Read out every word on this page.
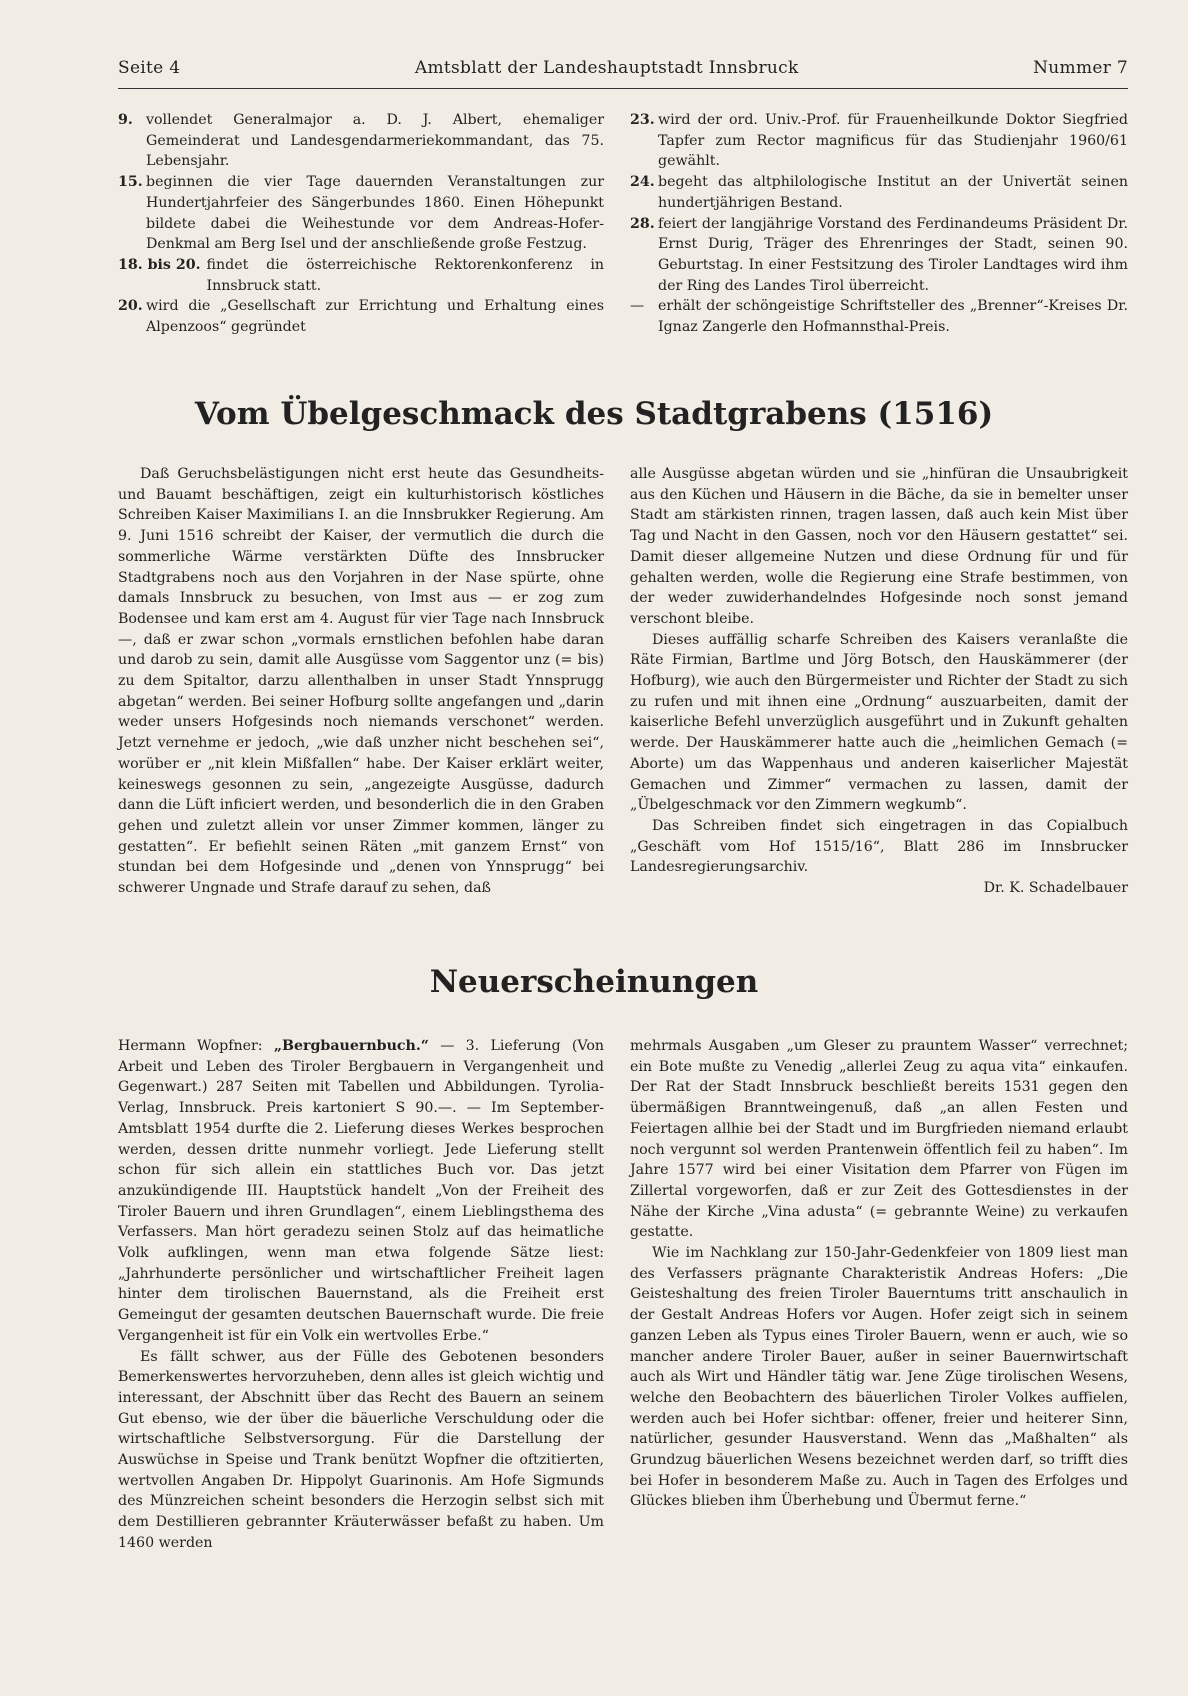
Seite 4	Amtsblatt der Landeshauptstadt Innsbruck	Nummer 7
9. vollendet Generalmajor a. D. J. Albert, ehemaliger Gemeinderat und Landesgendarmeriekommandant, das 75. Lebensjahr.
15. beginnen die vier Tage dauernden Veranstaltungen zur Hundertjahrfeier des Sängerbundes 1860. Einen Höhepunkt bildete dabei die Weihestunde vor dem Andreas-Hofer-Denkmal am Berg Isel und der anschließende große Festzug.
18. bis 20. findet die österreichische Rektorenkonferenz in Innsbruck statt.
20. wird die „Gesellschaft zur Errichtung und Erhaltung eines Alpenzoos“ gegründet
23. wird der ord. Univ.-Prof. für Frauenheilkunde Doktor Siegfried Tapfer zum Rector magnificus für das Studienjahr 1960/61 gewählt.
24. begeht das altphilologische Institut an der Univertät seinen hundertjährigen Bestand.
28. feiert der langjährige Vorstand des Ferdinandeums Präsident Dr. Ernst Durig, Träger des Ehrenringes der Stadt, seinen 90. Geburtstag. In einer Festsitzung des Tiroler Landtages wird ihm der Ring des Landes Tirol überreicht.
— erhält der schöngeistige Schriftsteller des „Brenner“-Kreises Dr. Ignaz Zangerle den Hofmannsthal-Preis.
Vom Übelgeschmack des Stadtgrabens (1516)

Daß Geruchsbelästigungen nicht erst heute das Gesundheits- und Bauamt beschäftigen, zeigt ein kulturhistorisch köstliches Schreiben Kaiser Maximilians I. an die Innsbrukker Regierung. Am 9. Juni 1516 schreibt der Kaiser, der vermutlich die durch die sommerliche Wärme verstärkten Düfte des Innsbrucker Stadtgrabens noch aus den Vorjahren in der Nase spürte, ohne damals Innsbruck zu besuchen, von Imst aus — er zog zum Bodensee und kam erst am 4. August für vier Tage nach Innsbruck —, daß er zwar schon „vormals ernstlichen befohlen habe daran und darob zu sein, damit alle Ausgüsse vom Saggentor unz (= bis) zu dem Spitaltor, darzu allenthalben in unser Stadt Ynnsprugg abgetan“ werden. Bei seiner Hofburg sollte angefangen und „darin weder unsers Hofgesinds noch niemands verschonet“ werden. Jetzt vernehme er jedoch, „wie daß unzher nicht beschehen sei“, worüber er „nit klein Mißfallen“ habe. Der Kaiser erklärt weiter, keineswegs gesonnen zu sein, „angezeigte Ausgüsse, dadurch dann die Lüft inficiert werden, und besonderlich die in den Graben gehen und zuletzt allein vor unser Zimmer kommen, länger zu gestatten“. Er befiehlt seinen Räten „mit ganzem Ernst“ von stundan bei dem Hofgesinde und „denen von Ynnsprugg“ bei schwerer Ungnade und Strafe darauf zu sehen, daß

alle Ausgüsse abgetan würden und sie „hinfüran die Unsaubrigkeit aus den Küchen und Häusern in die Bäche, da sie in bemelter unser Stadt am stärkisten rinnen, tragen lassen, daß auch kein Mist über Tag und Nacht in den Gassen, noch vor den Häusern gestattet“ sei. Damit dieser allgemeine Nutzen und diese Ordnung für und für gehalten werden, wolle die Regierung eine Strafe bestimmen, von der weder zuwiderhandelndes Hofgesinde noch sonst jemand verschont bleibe.

Dieses auffällig scharfe Schreiben des Kaisers veranlaßte die Räte Firmian, Bartlme und Jörg Botsch, den Hauskämmerer (der Hofburg), wie auch den Bürgermeister und Richter der Stadt zu sich zu rufen und mit ihnen eine „Ordnung“ auszuarbeiten, damit der kaiserliche Befehl unverzüglich ausgeführt und in Zukunft gehalten werde. Der Hauskämmerer hatte auch die „heimlichen Gemach (= Aborte) um das Wappenhaus und anderen kaiserlicher Majestät Gemachen und Zimmer“ vermachen zu lassen, damit der „Übelgeschmack vor den Zimmern wegkumb“.

Das Schreiben findet sich eingetragen in das Copialbuch „Geschäft vom Hof 1515/16“, Blatt 286 im Innsbrucker Landesregierungsarchiv.

Dr. K. Schadelbauer
Neuerscheinungen

Hermann Wopfner: „Bergbauernbuch.“ — 3. Lieferung (Von Arbeit und Leben des Tiroler Bergbauern in Vergangenheit und Gegenwart.) 287 Seiten mit Tabellen und Abbildungen. Tyrolia-Verlag, Innsbruck. Preis kartoniert S 90.—. — Im September-Amtsblatt 1954 durfte die 2. Lieferung dieses Werkes besprochen werden, dessen dritte nunmehr vorliegt. Jede Lieferung stellt schon für sich allein ein stattliches Buch vor. Das jetzt anzukündigende III. Hauptstück handelt „Von der Freiheit des Tiroler Bauern und ihren Grundlagen“, einem Lieblingsthema des Verfassers. Man hört geradezu seinen Stolz auf das heimatliche Volk aufklingen, wenn man etwa folgende Sätze liest: „Jahrhunderte persönlicher und wirtschaftlicher Freiheit lagen hinter dem tirolischen Bauernstand, als die Freiheit erst Gemeingut der gesamten deutschen Bauernschaft wurde. Die freie Vergangenheit ist für ein Volk ein wertvolles Erbe.“

Es fällt schwer, aus der Fülle des Gebotenen besonders Bemerkenswertes hervorzuheben, denn alles ist gleich wichtig und interessant, der Abschnitt über das Recht des Bauern an seinem Gut ebenso, wie der über die bäuerliche Verschuldung oder die wirtschaftliche Selbstversorgung. Für die Darstellung der Auswüchse in Speise und Trank benützt Wopfner die oftzitierten, wertvollen Angaben Dr. Hippolyt Guarinonis. Am Hofe Sigmunds des Münzreichen scheint besonders die Herzogin selbst sich mit dem Destillieren gebrannter Kräuterwässer befaßt zu haben. Um 1460 werden

mehrmals Ausgaben „um Gleser zu prauntem Wasser“ verrechnet; ein Bote mußte zu Venedig „allerlei Zeug zu aqua vita“ einkaufen. Der Rat der Stadt Innsbruck beschließt bereits 1531 gegen den übermäßigen Branntweingenuß, daß „an allen Festen und Feiertagen allhie bei der Stadt und im Burgfrieden niemand erlaubt noch vergunnt sol werden Prantenwein öffentlich feil zu haben“. Im Jahre 1577 wird bei einer Visitation dem Pfarrer von Fügen im Zillertal vorgeworfen, daß er zur Zeit des Gottesdienstes in der Nähe der Kirche „Vina adusta“ (= gebrannte Weine) zu verkaufen gestatte.

Wie im Nachklang zur 150-Jahr-Gedenkfeier von 1809 liest man des Verfassers prägnante Charakteristik Andreas Hofers: „Die Geisteshaltung des freien Tiroler Bauerntums tritt anschaulich in der Gestalt Andreas Hofers vor Augen. Hofer zeigt sich in seinem ganzen Leben als Typus eines Tiroler Bauern, wenn er auch, wie so mancher andere Tiroler Bauer, außer in seiner Bauernwirtschaft auch als Wirt und Händler tätig war. Jene Züge tirolischen Wesens, welche den Beobachtern des bäuerlichen Tiroler Volkes auffielen, werden auch bei Hofer sichtbar: offener, freier und heiterer Sinn, natürlicher, gesunder Hausverstand. Wenn das „Maßhalten“ als Grundzug bäuerlichen Wesens bezeichnet werden darf, so trifft dies bei Hofer in besonderem Maße zu. Auch in Tagen des Erfolges und Glückes blieben ihm Überhebung und Übermut ferne.“
